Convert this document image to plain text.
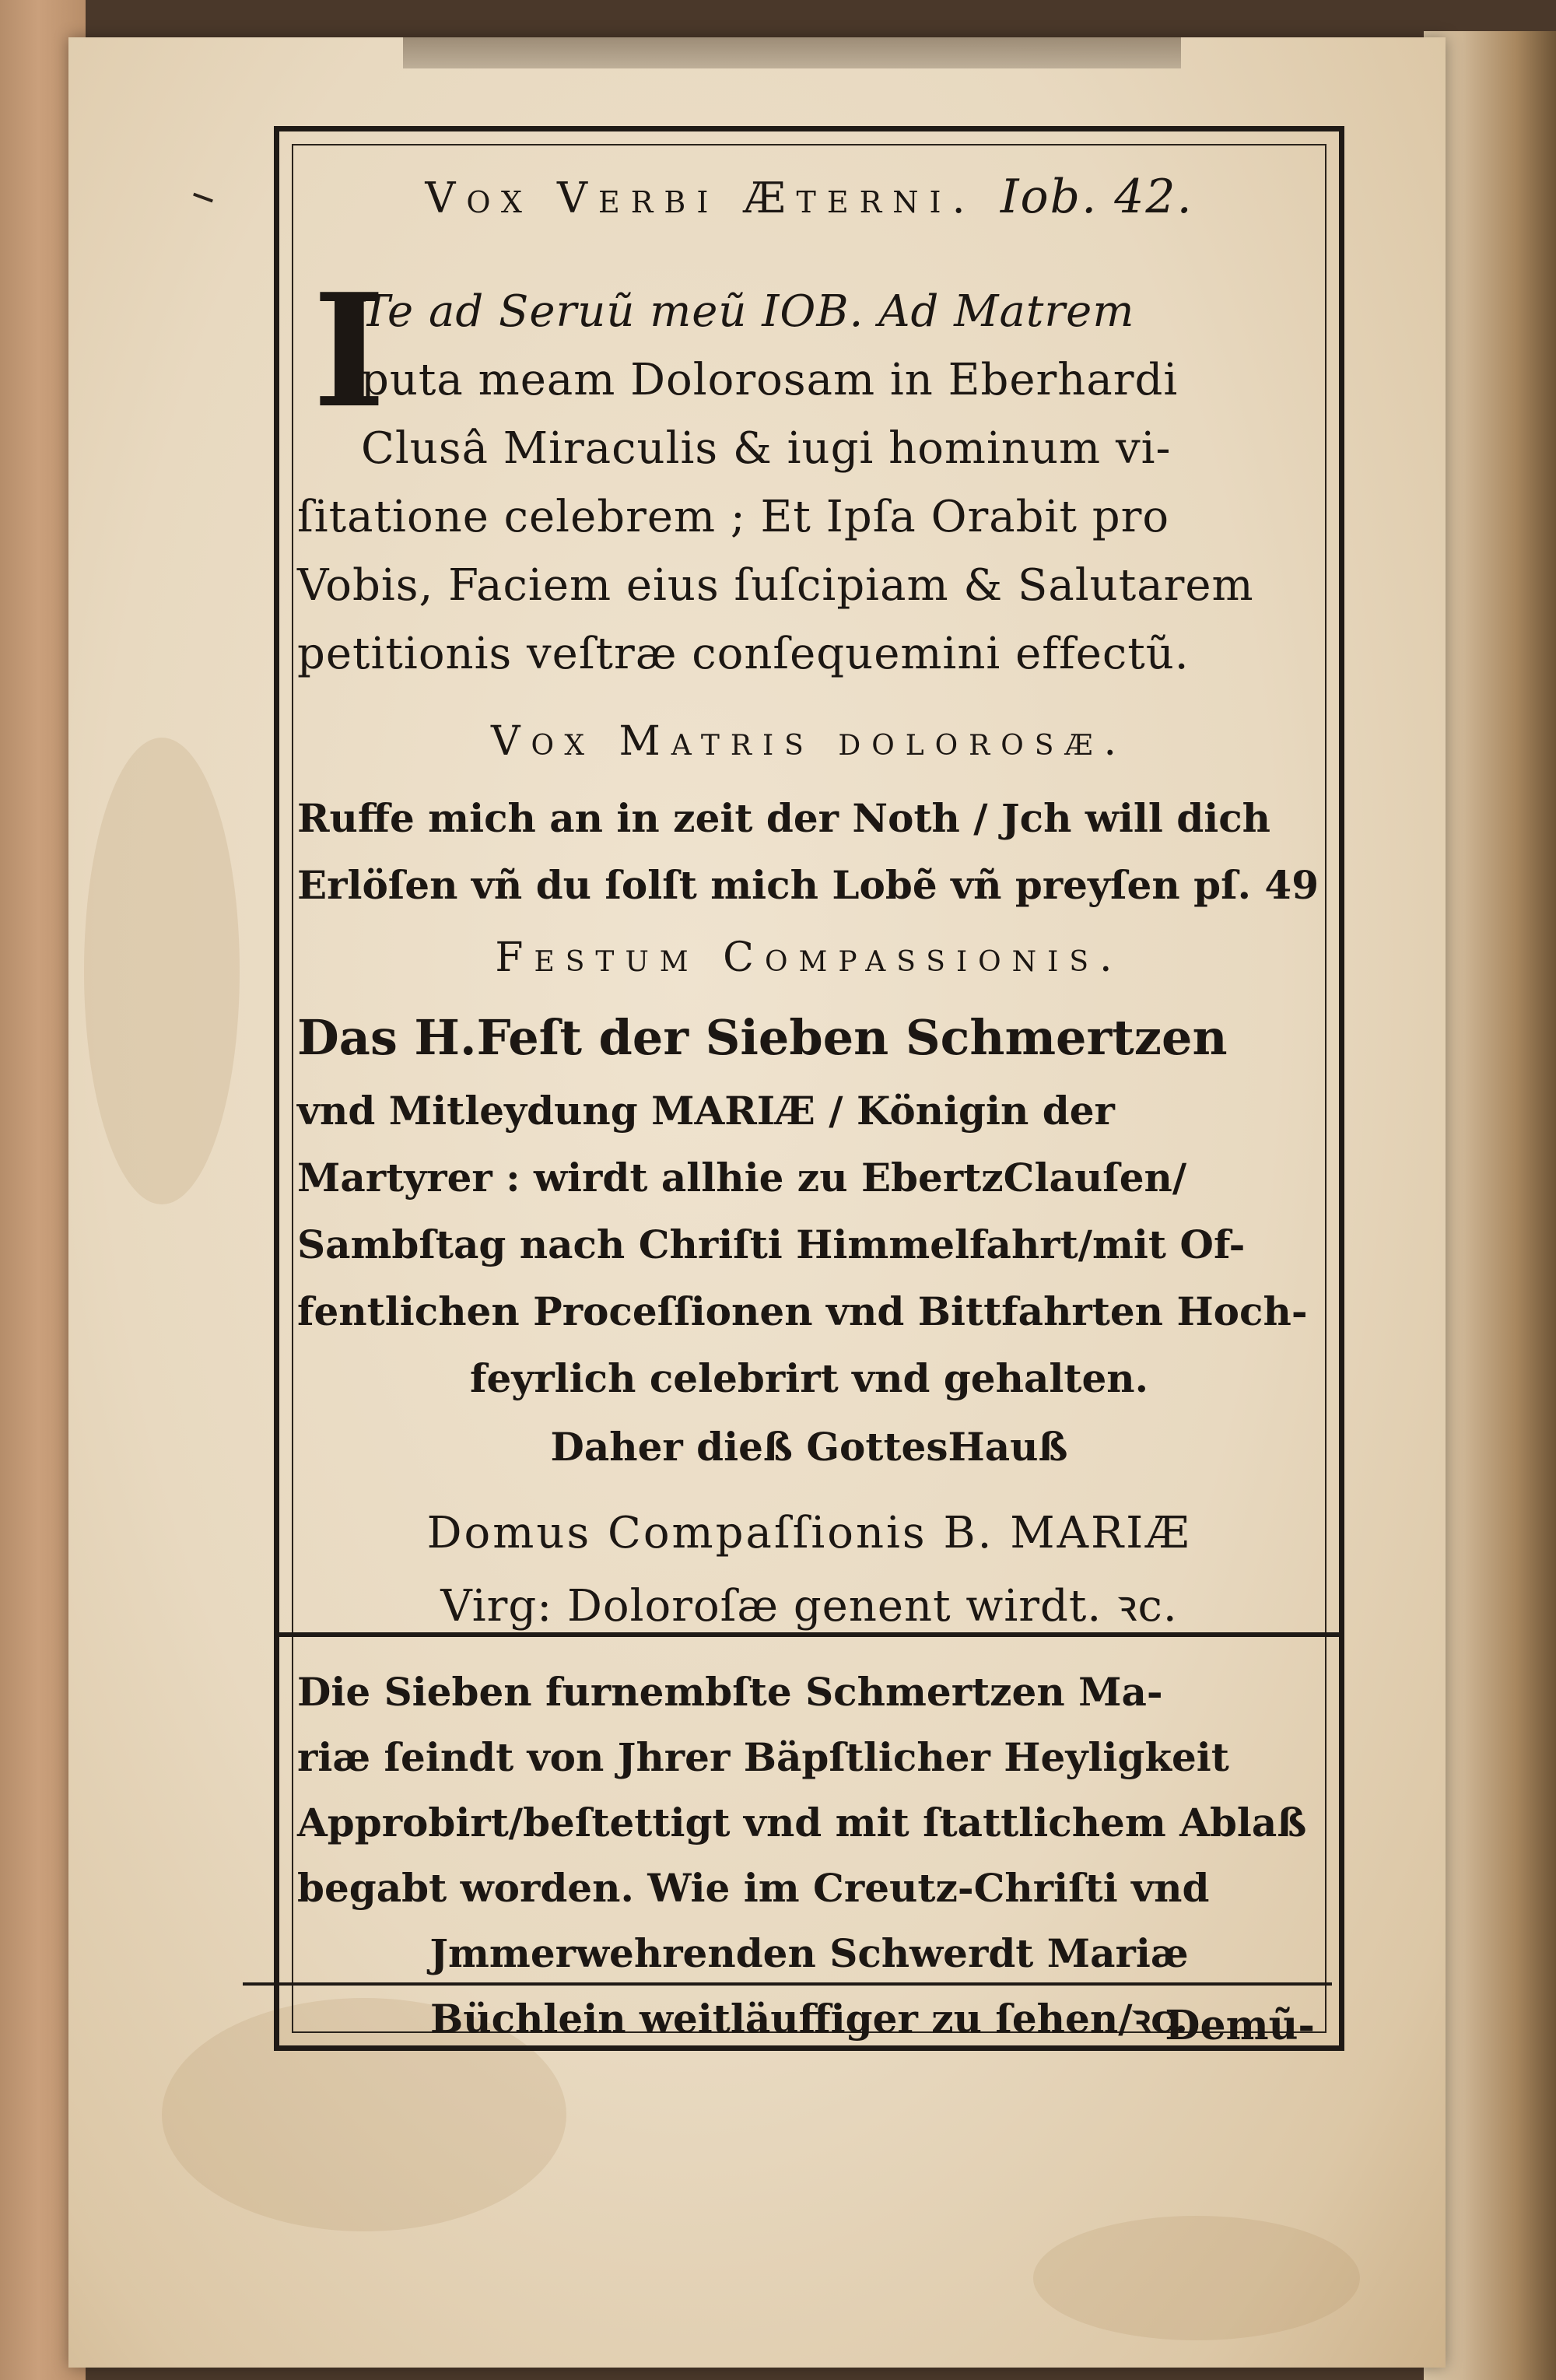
Vox Verbi Æterni. Iob. 42.
I
Te ad Seruũ meũ IOB. Ad Matrem
puta meam Dolorosam in Eberhardi
Clusâ Miraculis & iugi hominum vi-
ſitatione celebrem ; Et Ipſa Orabit pro
Vobis, Faciem eius ſuſcipiam & Salutarem
petitionis veſtræ conſequemini effectũ.
Vox Matris dolorosæ.
Ruffe mich an in zeit der Noth / Jch will dich
Erlöſen vñ du ſolſt mich Lobẽ vñ preyſen pſ. 49
Festum Compassionis.
Das H.Feſt der Sieben Schmertzen
vnd Mitleydung MARIÆ / Königin der
Martyrer : wirdt allhie zu EbertzClauſen/
Sambſtag nach Chriſti Himmelfahrt/mit Of-
fentlichen Proceſſionen vnd Bittfahrten Hoch-
feyrlich celebrirt vnd gehalten.
Daher dieß GottesHauß
Domus Compaſſionis B. MARIÆ
Virg: Doloroſæ genent wirdt. ꝛc.
Die Sieben furnembſte Schmertzen Ma-
riæ ſeindt von Jhrer Bäpſtlicher Heyligkeit
Approbirt/beſtettigt vnd mit ſtattlichem Ablaß
begabt worden. Wie im Creutz-Chriſti vnd
Jmmerwehrenden Schwerdt Mariæ
Büchlein weitläuffiger zu ſehen/ꝛc.
Demũ-
